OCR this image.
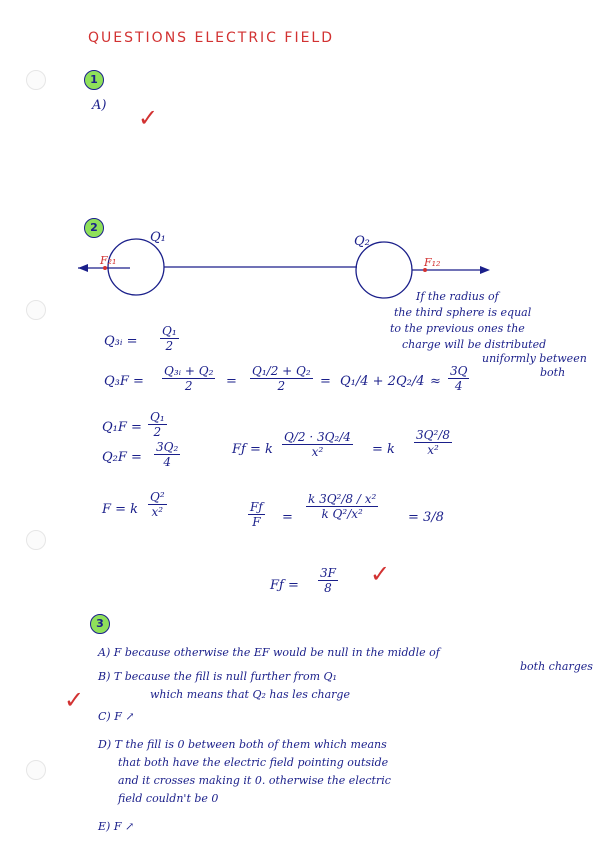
QUESTIONS ELECTRIC FIELD
1
A) ✓
2
Q₁	Q₂
F₂₁	F₁₂
If the radius of
the third sphere is equal
to the previous ones the
charge will be distributed
uniformly between
both
Q₃ᵢ = $\frac{\text{Q₁}}{2}$
$Q_3F = \frac{\text{Q₃ᵢ + Q₂}}{2} = \frac{\text{Q₁/2 + Q₂}}{2} = Q_1/4 + 2Q_2/4 \approx \frac{3Q}{4}$
$Q_1F = \frac{\text{Q₁}}{2}$
$Q_2F = \frac{\text{3Q₂}}{4}$	Fƒ = k $\frac{\text{Q/2 · 3Q₂/4}}{\text{x²}} = k \frac{\text{3Q²/8}}{\text{x²}}$
F = k $\frac{\text{Q²}}{\text{x²}}$	$\frac{Fƒ}{F} = \frac{\text{k 3Q²/8 / x²}}{\text{k Q²/x²}} = 3/8$
Fƒ = $\frac{3F}{8}$ ✓
3
A) F because otherwise the EF would be null in the middle of
both charges
B) T because the fill is null further from Q₁
which means that Q₂ has les charge
✓
C) F ↗
D) T the fill is 0 between both of them which means
that both have the electric field pointing outside
and it crosses making it 0. otherwise the electric
field couldn't be 0
E) F ↗
